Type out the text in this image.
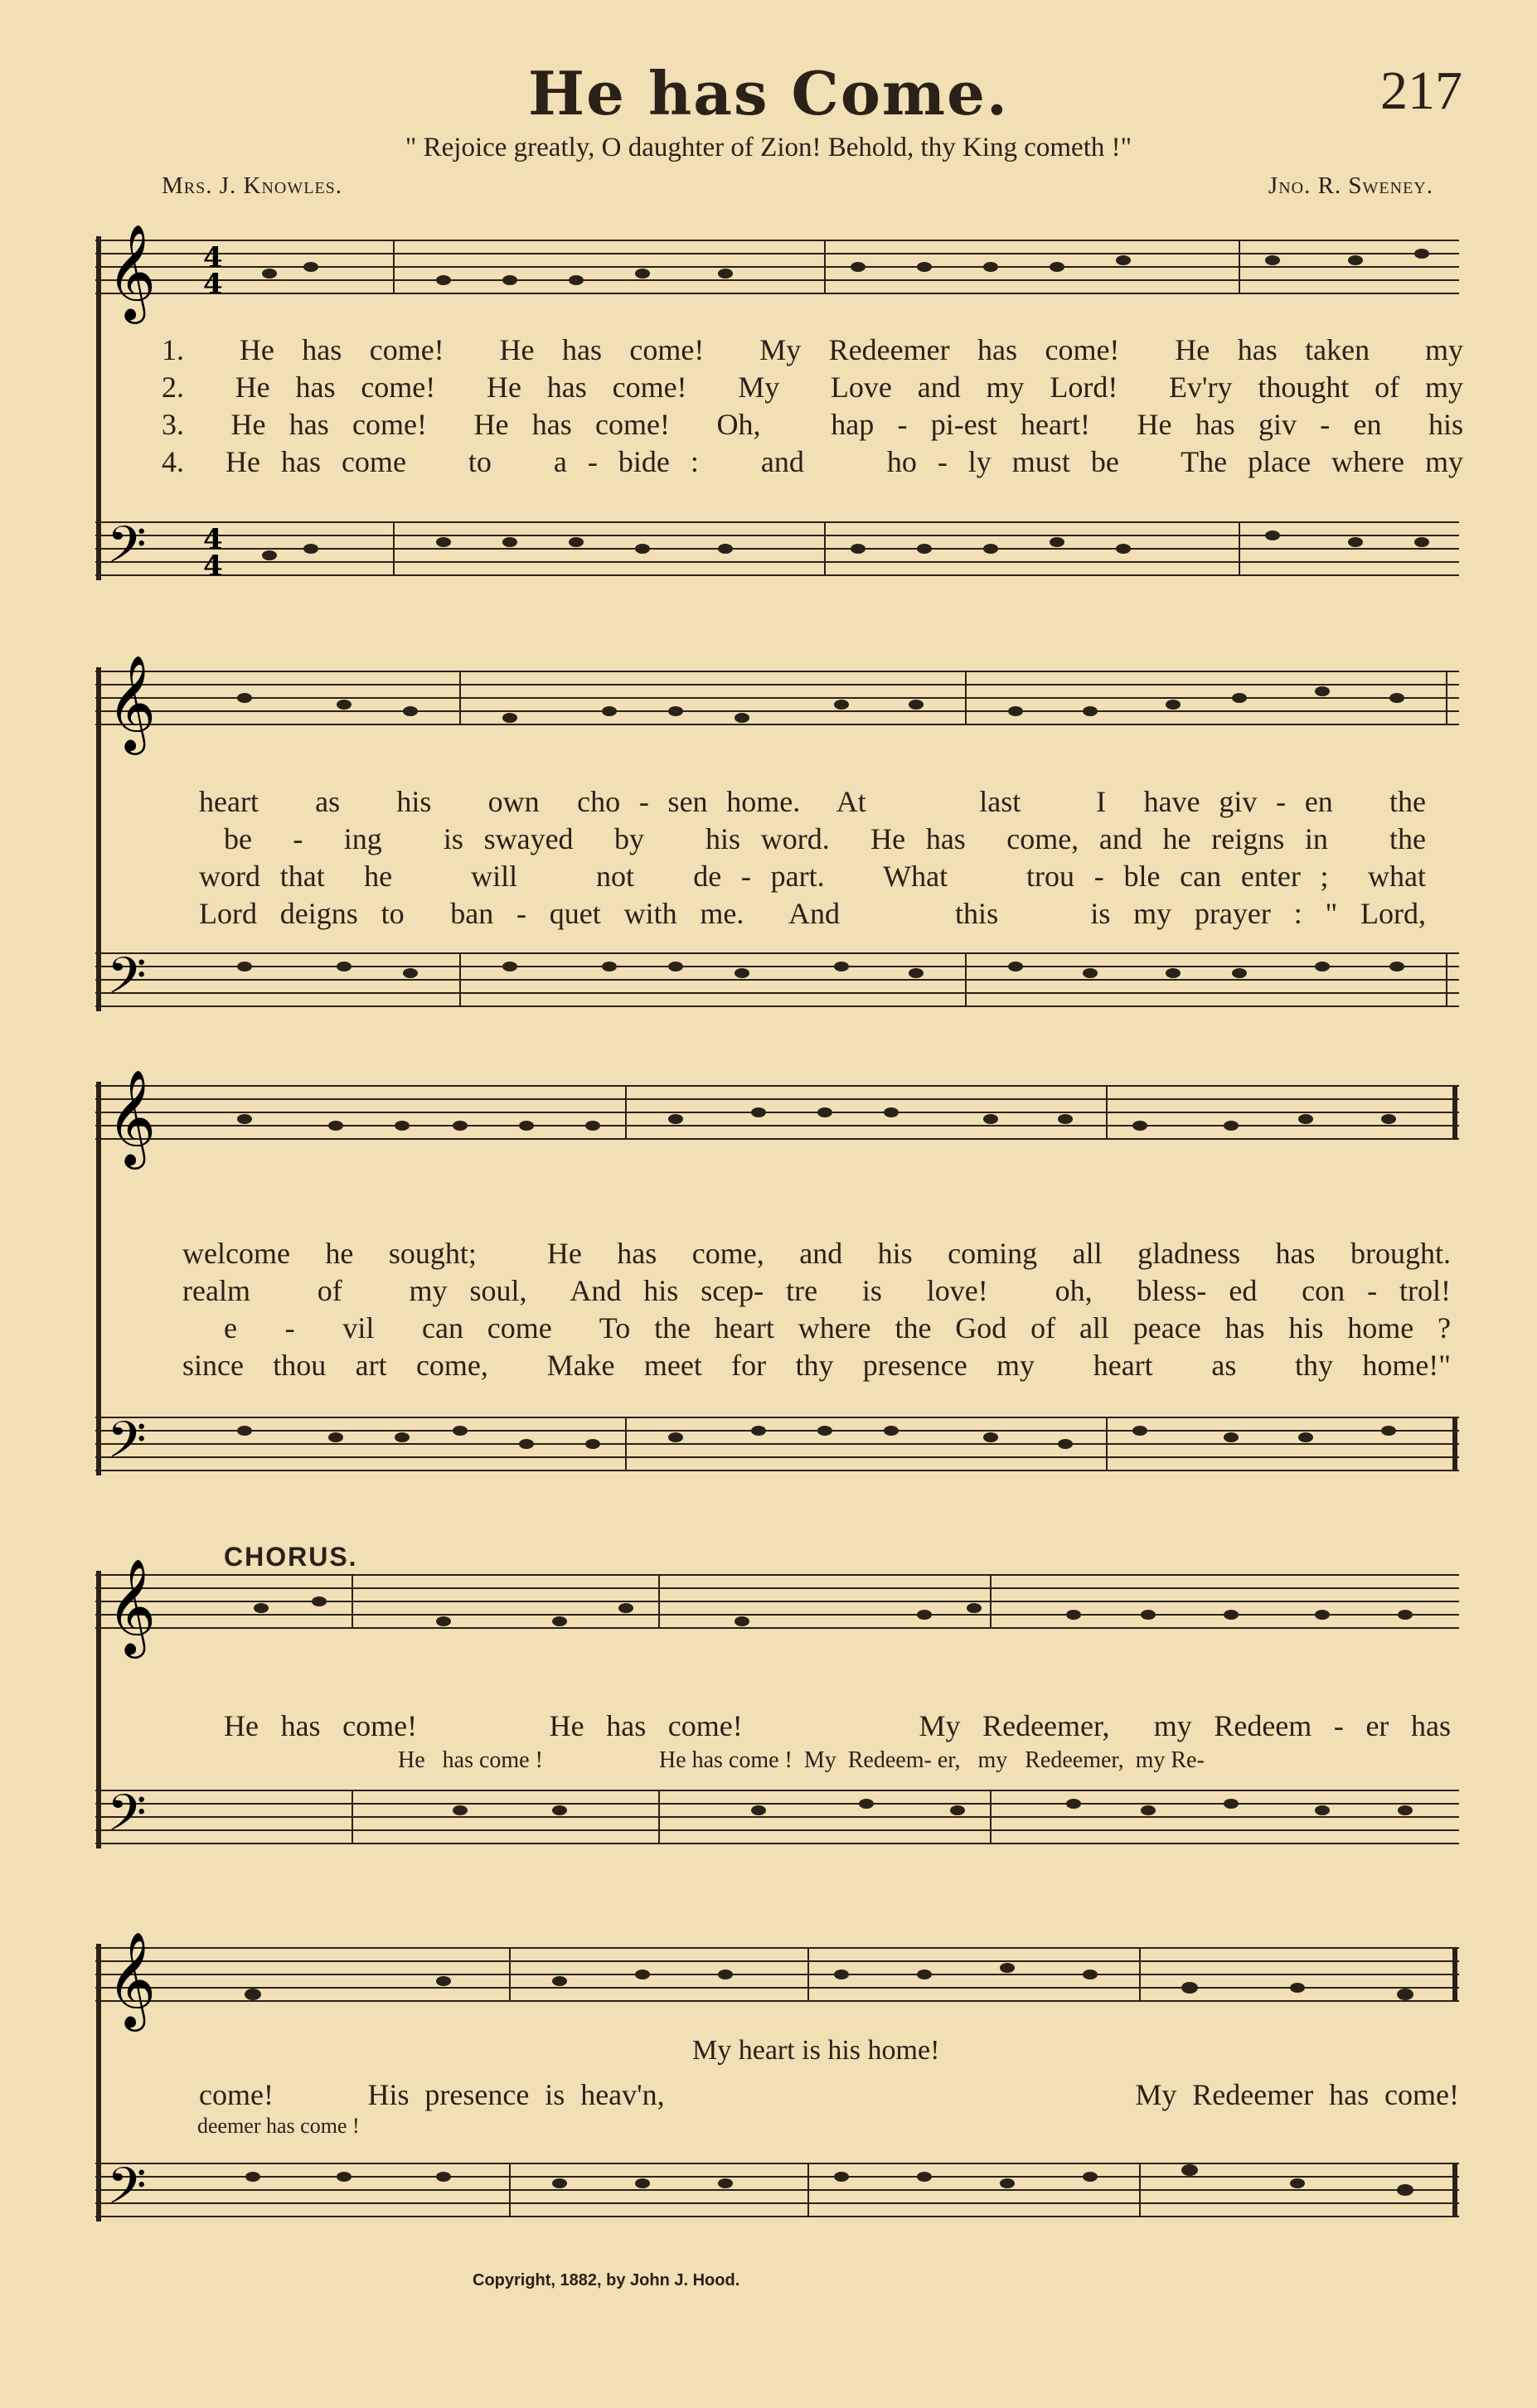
He has Come.	217
" Rejoice greatly, O daughter of Zion! Behold, thy King cometh !"
Mrs. J. Knowles.	Jno. R. Sweney.
𝄞
𝄢
4
4
4
4
1.  He has come!  He has come!  My Redeemer has come!  He has taken  my
2.  He has come!  He has come!  My  Love and my Lord!  Ev'ry thought of my
3.  He has come!  He has come!  Oh,   hap - pi-est heart!  He has giv - en  his
4.  He has come   to   a - bide :   and    ho - ly must be   The place where my
𝄞
𝄢
heart   as   his   own  cho - sen home.  At      last    I  have giv - en   the
be  -  ing   is swayed  by   his word.  He has  come, and he reigns in   the
word that  he    will    not   de - part.   What    trou - ble can enter ;  what
Lord deigns to  ban - quet with me.  And     this    is my prayer : " Lord,
𝄞
𝄢
welcome he sought;  He has come, and his coming all gladness has brought.
realm   of   my soul,  And his scep- tre  is  love!   oh,  bless- ed  con - trol!
e  -  vil  can come  To the heart where the God of all peace has his home ?
since thou art come,  Make meet for thy presence my  heart  as  thy home!"
CHORUS.
𝄞
𝄢
He has come!      He has come!        My Redeemer,  my Redeem - er has
He   has come !                    He has come !  My  Redeem- er,   my   Redeemer,  my Re-
𝄞
𝄢
My heart is his home!
come!      His presence is heav'n,                              My Redeemer has come!
deemer has come !
Copyright, 1882, by John J. Hood.
